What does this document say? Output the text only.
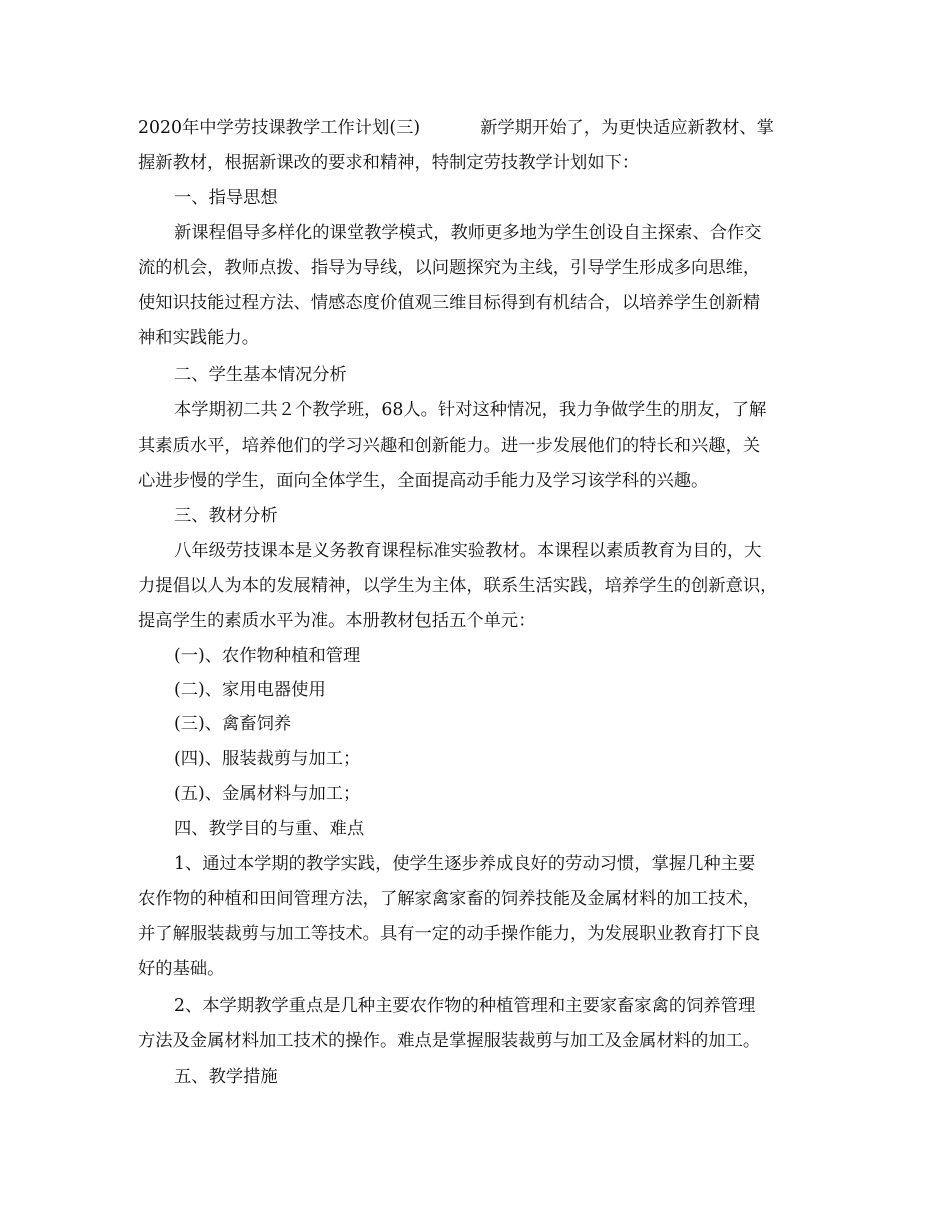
2020年中学劳技课教学工作计划(三)	新学期开始了，为更快适应新教材、掌
握新教材，根据新课改的要求和精神，特制定劳技教学计划如下：
一、指导思想
新课程倡导多样化的课堂教学模式，教师更多地为学生创设自主探索、合作交
流的机会，教师点拨、指导为导线，以问题探究为主线，引导学生形成多向思维，
使知识技能过程方法、情感态度价值观三维目标得到有机结合，以培养学生创新精
神和实践能力。
二、学生基本情况分析
本学期初二共２个教学班，68人。针对这种情况，我力争做学生的朋友，了解
其素质水平，培养他们的学习兴趣和创新能力。进一步发展他们的特长和兴趣，关
心进步慢的学生，面向全体学生，全面提高动手能力及学习该学科的兴趣。
三、教材分析
八年级劳技课本是义务教育课程标准实验教材。本课程以素质教育为目的，大
力提倡以人为本的发展精神，以学生为主体，联系生活实践，培养学生的创新意识，
提高学生的素质水平为准。本册教材包括五个单元：
(一)、农作物种植和管理
(二)、家用电器使用
(三)、禽畜饲养
(四)、服装裁剪与加工；
(五)、金属材料与加工；
四、教学目的与重、难点
1、通过本学期的教学实践，使学生逐步养成良好的劳动习惯，掌握几种主要
农作物的种植和田间管理方法，了解家禽家畜的饲养技能及金属材料的加工技术，
并了解服装裁剪与加工等技术。具有一定的动手操作能力，为发展职业教育打下良
好的基础。
2、本学期教学重点是几种主要农作物的种植管理和主要家畜家禽的饲养管理
方法及金属材料加工技术的操作。难点是掌握服装裁剪与加工及金属材料的加工。
五、教学措施
